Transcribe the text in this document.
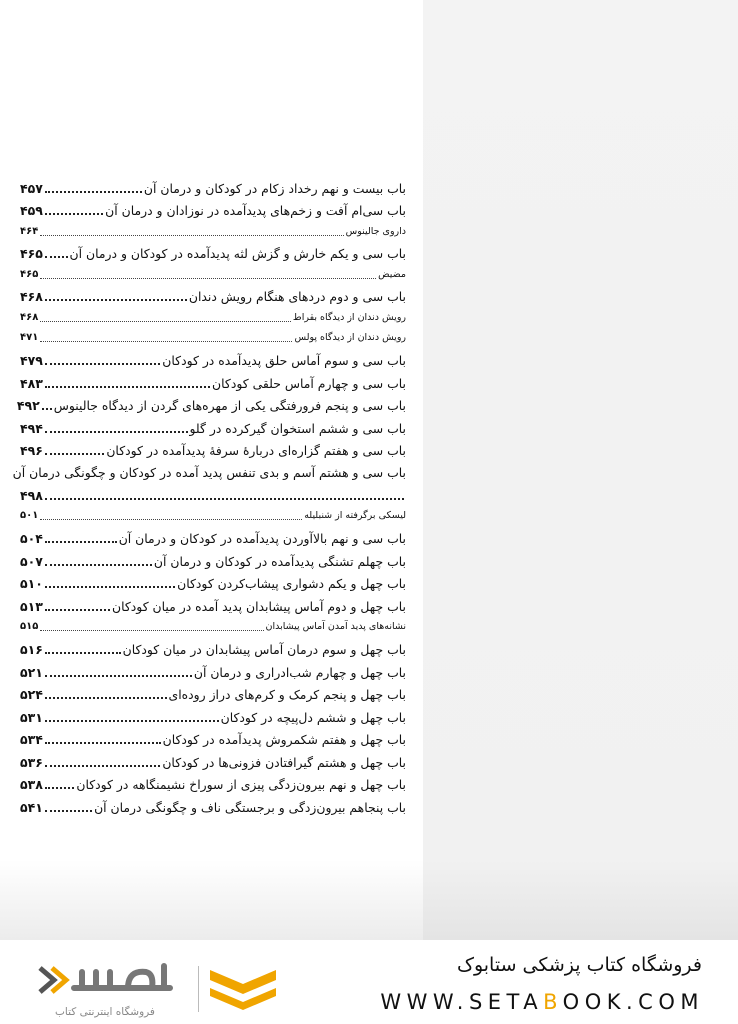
باب بیست و نهم رخداد زکام در کودکان و درمان آن
۴۵۷
باب سی‌ام آفت و زخم‌های پدیدآمده در نوزادان و درمان آن
۴۵۹
داروی جالینوس
۴۶۴
باب سی و یکم خارش و گزش لثه پدیدآمده در کودکان و درمان آن
۴۶۵
مضیض
۴۶۵
باب سی و دوم دردهای هنگام رویش دندان
۴۶۸
رویش دندان از دیدگاه بقراط
۴۶۸
رویش دندان از دیدگاه پولس
۴۷۱
باب سی و سوم آماس حلق پدیدآمده در کودکان
۴۷۹
باب سی و چهارم آماس حلقی کودکان
۴۸۳
باب سی و پنجم فرورفتگی یکی از مهره‌های گردن از دیدگاه جالینوس
۴۹۲
باب سی و ششم استخوان گیرکرده در گلو
۴۹۴
باب سی و هفتم گزاره‌ای دربارهٔ سرفهٔ پدیدآمده در کودکان
۴۹۶
باب سی و هشتم آسم و بدی تنفس پدید آمده در کودکان و چگونگی درمان آن
۴۹۸
لیسکی برگرفته از شنبلیله
۵۰۱
باب سی و نهم بالاآوردن پدیدآمده در کودکان و درمان آن
۵۰۴
باب چهلم تشنگی پدیدآمده در کودکان و درمان آن
۵۰۷
باب چهل و یکم دشواری پیشاب‌کردن کودکان
۵۱۰
باب چهل و دوم آماس پیشابدان پدید آمده در میان کودکان
۵۱۳
نشانه‌های پدید آمدن آماس پیشابدان
۵۱۵
باب چهل و سوم درمان آماس پیشابدان در میان کودکان
۵۱۶
باب چهل و چهارم شب‌ادراری و درمان آن
۵۲۱
باب چهل و پنجم کرمک و کرم‌های دراز روده‌ای
۵۲۴
باب چهل و ششم دل‌پیچه در کودکان
۵۳۱
باب چهل و هفتم شکمروش پدیدآمده در کودکان
۵۳۴
باب چهل و هشتم گیرافتادن فزونی‌ها در کودکان
۵۳۶
باب چهل و نهم بیرون‌زدگی پیزی از سوراخ نشیمنگاهه در کودکان
۵۳۸
باب پنجاهم بیرون‌زدگی و برجستگی ناف و چگونگی درمان آن
۵۴۱
فروشگاه کتاب پزشکی ستابوک
WWW.SETABOOK.COM
فروشگاه اینترنتی کتاب
